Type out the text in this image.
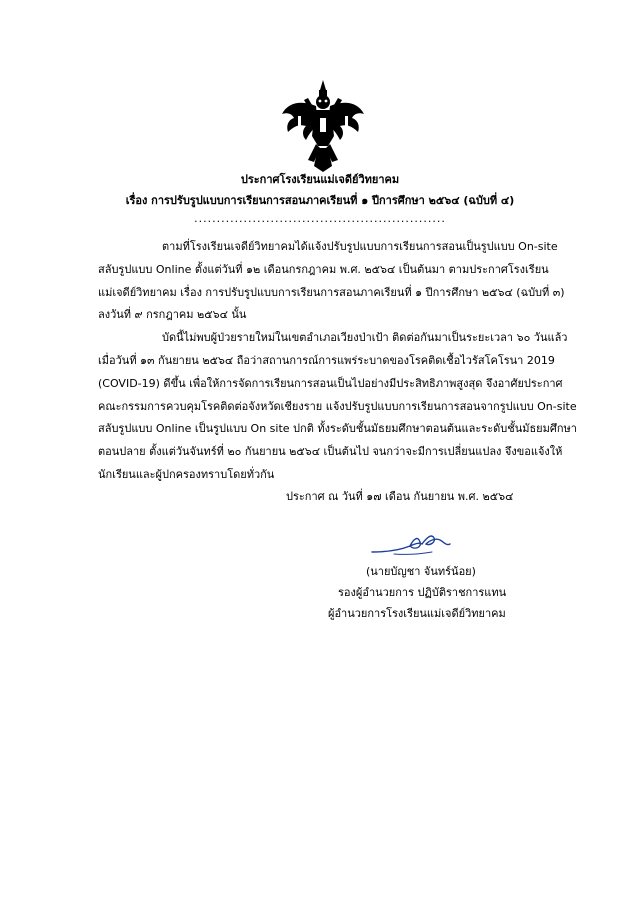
ประกาศโรงเรียนแม่เจดีย์วิทยาคม
เรื่อง การปรับรูปแบบการเรียนการสอนภาคเรียนที่ ๑ ปีการศึกษา ๒๕๖๔ (ฉบับที่ ๔)
........................................................
ตามที่โรงเรียนเจดีย์วิทยาคมได้แจ้งปรับรูปแบบการเรียนการสอนเป็นรูปแบบ On-site
สลับรูปแบบ Online ตั้งแต่วันที่ ๑๒ เดือนกรกฎาคม พ.ศ. ๒๕๖๔ เป็นต้นมา ตามประกาศโรงเรียน
แม่เจดีย์วิทยาคม เรื่อง การปรับรูปแบบการเรียนการสอนภาคเรียนที่ ๑ ปีการศึกษา ๒๕๖๔ (ฉบับที่ ๓)
ลงวันที่ ๙ กรกฎาคม ๒๕๖๔ นั้น
บัดนี้ไม่พบผู้ป่วยรายใหม่ในเขตอำเภอเวียงป่าเป้า ติดต่อกันมาเป็นระยะเวลา ๖๐ วันแล้ว
เมื่อวันที่ ๑๓ กันยายน ๒๕๖๔ ถือว่าสถานการณ์การแพร่ระบาดของโรคติดเชื้อไวรัสโคโรนา 2019
(COVID-19) ดีขึ้น เพื่อให้การจัดการเรียนการสอนเป็นไปอย่างมีประสิทธิภาพสูงสุด จึงอาศัยประกาศ
คณะกรรมการควบคุมโรคติดต่อจังหวัดเชียงราย แจ้งปรับรูปแบบการเรียนการสอนจากรูปแบบ On-site
สลับรูปแบบ Online เป็นรูปแบบ On site ปกติ ทั้งระดับชั้นมัธยมศึกษาตอนต้นและระดับชั้นมัธยมศึกษา
ตอนปลาย ตั้งแต่วันจันทร์ที่ ๒๐ กันยายน ๒๕๖๔ เป็นต้นไป จนกว่าจะมีการเปลี่ยนแปลง จึงขอแจ้งให้
นักเรียนและผู้ปกครองทราบโดยทั่วกัน
ประกาศ ณ วันที่ ๑๗ เดือน กันยายน พ.ศ. ๒๕๖๔
(นายบัญชา จันทร์น้อย)
รองผู้อำนวยการ ปฏิบัติราชการแทน
ผู้อำนวยการโรงเรียนแม่เจดีย์วิทยาคม
